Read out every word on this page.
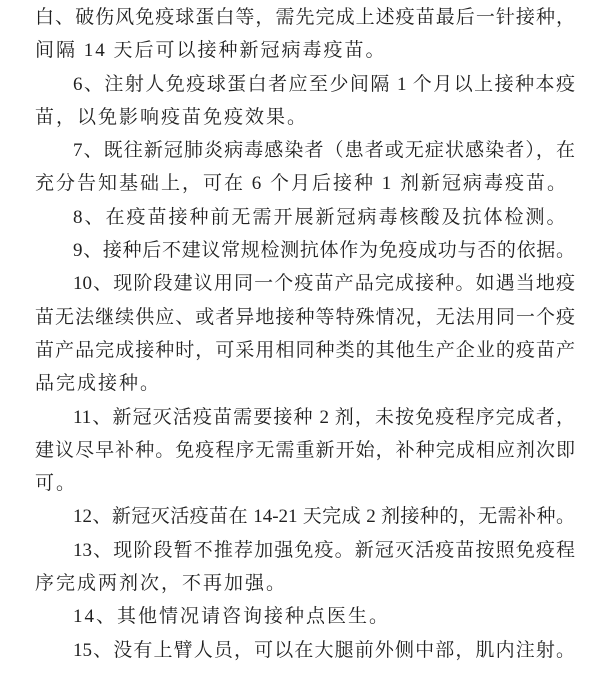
白、破伤风免疫球蛋白等，需先完成上述疫苗最后一针接种，
间隔 14 天后可以接种新冠病毒疫苗。
6、注射人免疫球蛋白者应至少间隔 1 个月以上接种本疫
苗，以免影响疫苗免疫效果。
7、既往新冠肺炎病毒感染者（患者或无症状感染者），在
充分告知基础上，可在 6 个月后接种 1 剂新冠病毒疫苗。
8、在疫苗接种前无需开展新冠病毒核酸及抗体检测。
9、接种后不建议常规检测抗体作为免疫成功与否的依据。
10、现阶段建议用同一个疫苗产品完成接种。如遇当地疫
苗无法继续供应、或者异地接种等特殊情况，无法用同一个疫
苗产品完成接种时，可采用相同种类的其他生产企业的疫苗产
品完成接种。
11、新冠灭活疫苗需要接种 2 剂，未按免疫程序完成者，
建议尽早补种。免疫程序无需重新开始，补种完成相应剂次即
可。
12、新冠灭活疫苗在 14-21 天完成 2 剂接种的，无需补种。
13、现阶段暂不推荐加强免疫。新冠灭活疫苗按照免疫程
序完成两剂次，不再加强。
14、其他情况请咨询接种点医生。
15、没有上臂人员，可以在大腿前外侧中部，肌内注射。
